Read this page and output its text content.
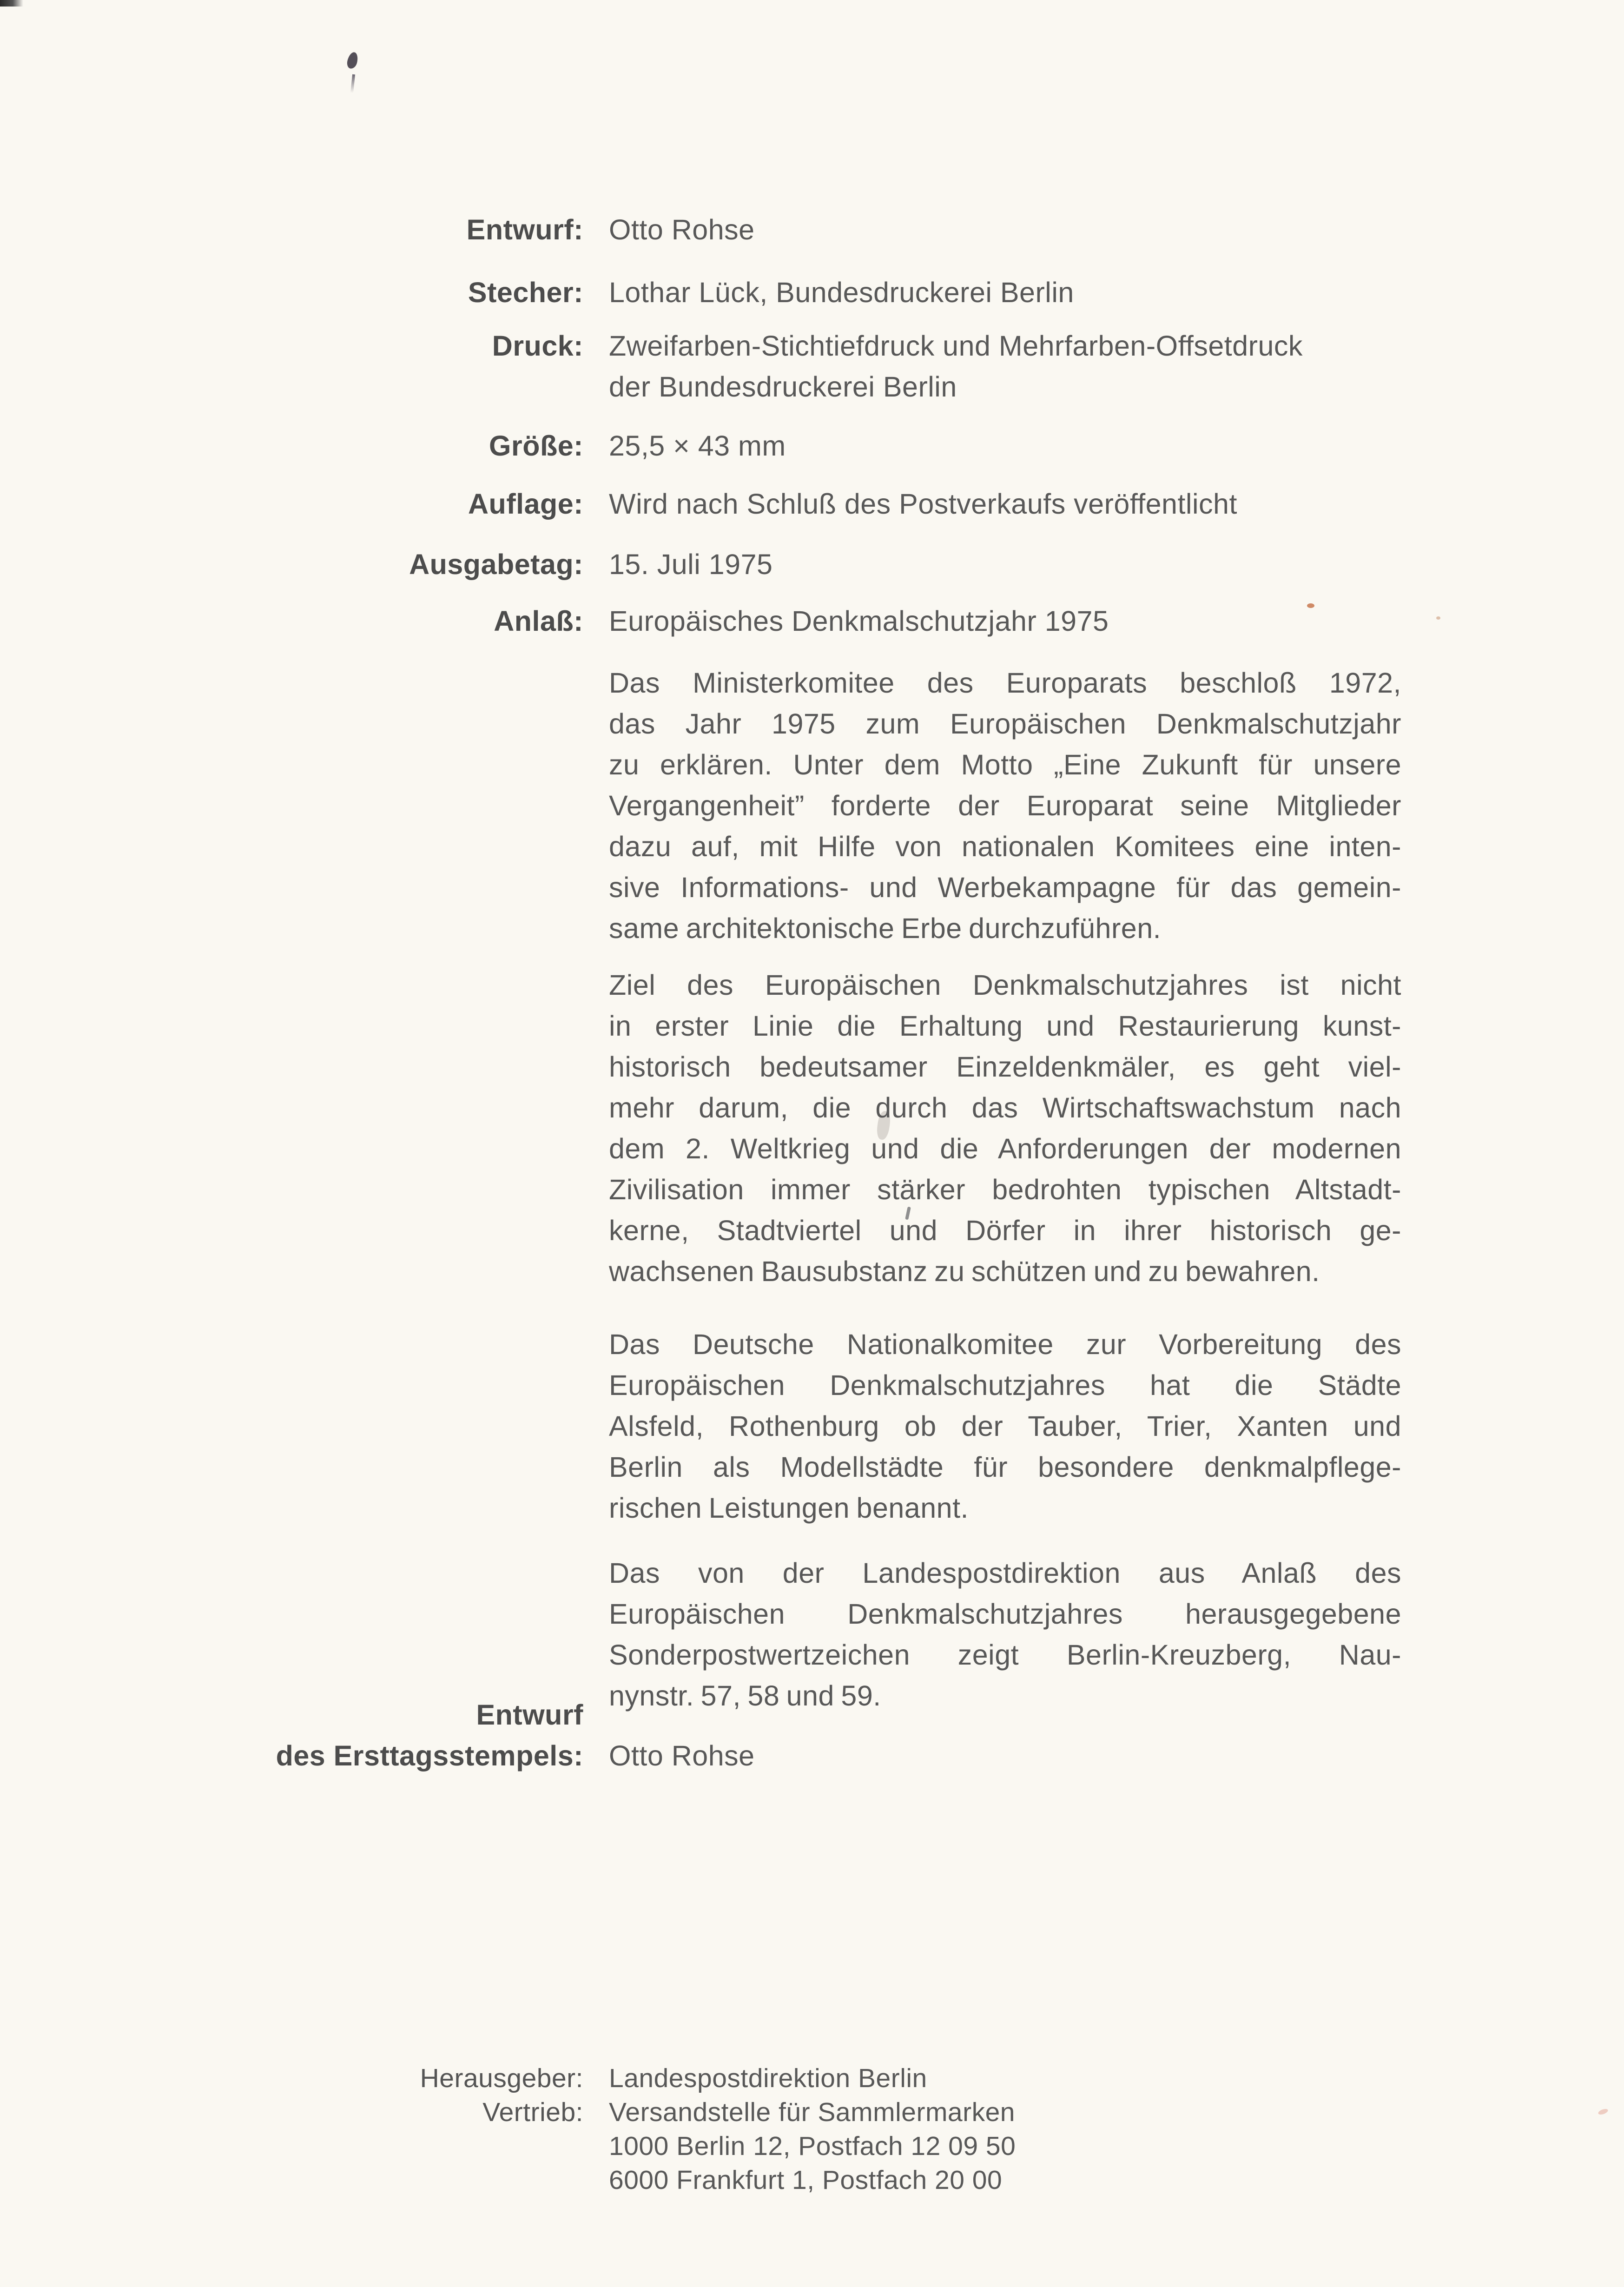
Entwurf: Otto Rohse
Stecher: Lothar Lück, Bundesdruckerei Berlin
Druck: Zweifarben-Stichtiefdruck und Mehrfarben-Offsetdruck
der Bundesdruckerei Berlin
Größe: 25,5 × 43 mm
Auflage: Wird nach Schluß des Postverkaufs veröffentlicht
Ausgabetag: 15. Juli 1975
Anlaß: Europäisches Denkmalschutzjahr 1975
Das Ministerkomitee des Europarats beschloß 1972,
das Jahr 1975 zum Europäischen Denkmalschutzjahr
zu erklären. Unter dem Motto „Eine Zukunft für unsere
Vergangenheit” forderte der Europarat seine Mitglieder
dazu auf, mit Hilfe von nationalen Komitees eine inten-
sive Informations- und Werbekampagne für das gemein-
same architektonische Erbe durchzuführen.
Ziel des Europäischen Denkmalschutzjahres ist nicht
in erster Linie die Erhaltung und Restaurierung kunst-
historisch bedeutsamer Einzeldenkmäler, es geht viel-
mehr darum, die durch das Wirtschaftswachstum nach
dem 2. Weltkrieg und die Anforderungen der modernen
Zivilisation immer stärker bedrohten typischen Altstadt-
kerne, Stadtviertel und Dörfer in ihrer historisch ge-
wachsenen Bausubstanz zu schützen und zu bewahren.
Das Deutsche Nationalkomitee zur Vorbereitung des
Europäischen Denkmalschutzjahres hat die Städte
Alsfeld, Rothenburg ob der Tauber, Trier, Xanten und
Berlin als Modellstädte für besondere denkmalpflege-
rischen Leistungen benannt.
Das von der Landespostdirektion aus Anlaß des
Europäischen Denkmalschutzjahres herausgegebene
Sonderpostwertzeichen zeigt Berlin-Kreuzberg, Nau-
nynstr. 57, 58 und 59.
Entwurf
des Ersttagsstempels: Otto Rohse
Herausgeber: Landespostdirektion Berlin
Vertrieb: Versandstelle für Sammlermarken
1000 Berlin 12, Postfach 12 09 50
6000 Frankfurt 1, Postfach 20 00
